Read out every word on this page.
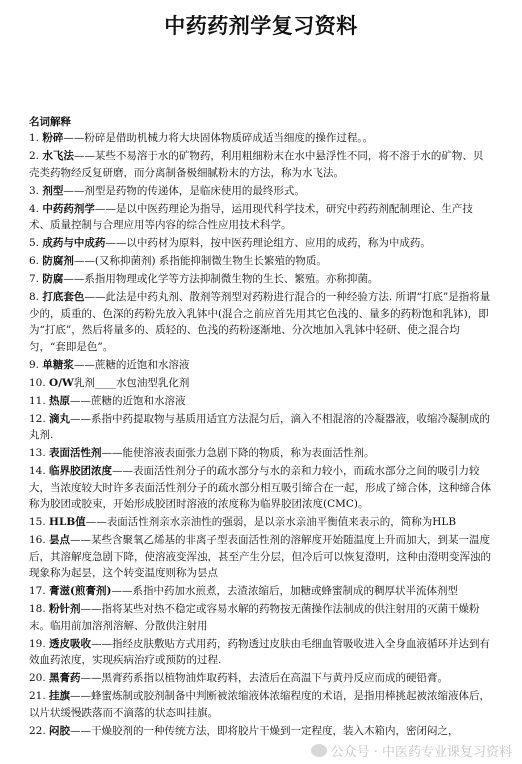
中药药剂学复习资料
名词解释
1. 粉碎——粉碎是借助机械力将大块固体物质碎成适当细度的操作过程。。
2. 水飞法——某些不易溶于水的矿物药，利用粗细粉末在水中悬浮性不同，将不溶于水的矿物、贝壳类药物经反复研磨，而分离制备极细腻粉末的方法，称为水飞法。
3. 剂型——剂型是药物的传递体，是临床使用的最终形式。
4. 中药药剂学——是以中医药理论为指导，运用现代科学技术，研究中药药剂配制理论、生产技术、质量控制与合理应用等内容的综合性应用技术科学。
5. 成药与中成药——以中药材为原料，按中医药理论组方、应用的成药，称为中成药。
6. 防腐剂——(又称抑菌剂) 系指能抑制微生物生长繁殖的物质。
7. 防腐——系指用物理或化学等方法抑制微生物的生长、繁殖。亦称抑菌。
8. 打底套色——此法是中药丸剂、散剂等剂型对药粉进行混合的一种经验方法. 所谓“打底”是指将量少的，质重的、色深的药粉先放入乳钵中(混合之前应首先用其它色浅的、量多的药粉饱和乳钵)，即为“打底”，然后将量多的、质轻的、色浅的药粉逐渐地、分次地加入乳钵中轻研、使之混合均匀，“套即是色”。
9. 单糖浆——蔗糖的近饱和水溶液
10. O/W乳剂____水包油型乳化剂
11. 热原——蔗糖的近饱和水溶液
12. 滴丸——系指中药提取物与基质用适宜方法混匀后，滴入不相混溶的冷凝器液，收缩冷凝制成的丸剂.
13. 表面活性剂——能使溶液表面张力急剧下降的物质，称为表面活性剂。
14. 临界胶团浓度——表面活性剂分子的疏水部分与水的亲和力较小，而疏水部分之间的吸引力较大，当浓度较大时许多表面活性剂分子的疏水部分相互吸引缔合在一起，形成了缔合体，这种缔合体称为胶团或胶束，开始形成胶团时溶液的浓度称为临界胶团浓度(CMC)。
15. HLB值——表面活性剂亲水亲油性的强弱，是以亲水亲油平衡值来表示的，简称为HLB
16. 昙点——某些含聚氧乙烯基的非离子型表面活性剂的溶解度开始随温度上升而加大，到某一温度后，其溶解度急剧下降，使溶液变浑浊，甚至产生分层，但冷后可以恢复澄明，这种由澄明变浑浊的现象称为起昙，这个转变温度则称为昙点
17. 膏滋(煎膏剂)——系指中药加水煎煮，去渣浓缩后，加糖或蜂蜜制成的稠厚状半流体剂型
18. 粉针剂——指将某些对热不稳定或容易水解的药物按无菌操作法制成的供注射用的灭菌干燥粉末。临用前加溶剂溶解、分散供注射用
19. 透皮吸收——指经皮肤敷贴方式用药，药物透过皮肤由毛细血管吸收进入全身血液循环并达到有效血药浓度，实现疾病治疗或预防的过程.
20. 黑膏药——黑膏药系指以植物油炸取药料，去渣后在高温下与黄丹反应而成的硬铅膏。
21. 挂旗——蜂蜜炼制或胶剂制备中判断被浓缩液体浓缩程度的术语，是指用棒挑起被浓缩液体后，以片状缓慢跌落而不滴落的状态叫挂旗。
22. 闷胶——干燥胶剂的一种传统方法，即将胶片干燥到一定程度，装入木箱内，密闭闷之，
公众号 · 中医药专业课复习资料
